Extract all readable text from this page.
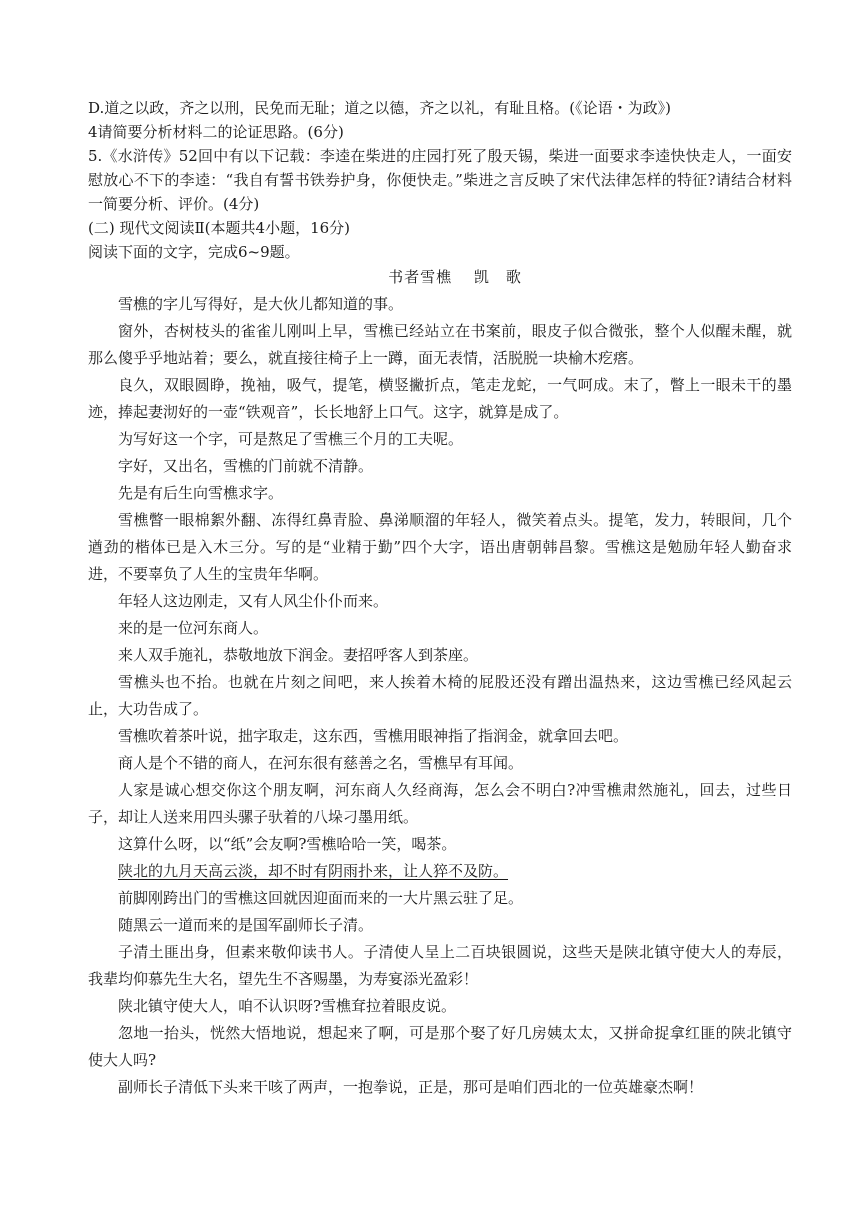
D.道之以政，齐之以刑，民免而无耻；道之以德，齐之以礼，有耻且格。(《论语・为政》)
4请简要分析材料二的论证思路。(6分)
5.《水浒传》52回中有以下记载：李逵在柴进的庄园打死了殷天锡，柴进一面要求李逵快快走人，一面安慰放心不下的李逵：“我自有誓书铁券护身，你便快走。”柴进之言反映了宋代法律怎样的特征?请结合材料一简要分析、评价。(4分)
(二) 现代文阅读Ⅱ(本题共4小题，16分)
阅读下面的文字，完成6~9题。
书者雪樵 凯　歌
雪樵的字儿写得好，是大伙儿都知道的事。
窗外，杏树枝头的雀雀儿刚叫上早，雪樵已经站立在书案前，眼皮子似合微张，整个人似醒未醒，就那么傻乎乎地站着；要么，就直接往椅子上一蹲，面无表情，活脱脱一块榆木疙瘩。
良久，双眼圆睁，挽袖，吸气，提笔，横竖撇折点，笔走龙蛇，一气呵成。末了，瞥上一眼未干的墨迹，捧起妻沏好的一壶“铁观音”，长长地舒上口气。这字，就算是成了。
为写好这一个字，可是熬足了雪樵三个月的工夫呢。
字好，又出名，雪樵的门前就不清静。
先是有后生向雪樵求字。
雪樵瞥一眼棉絮外翻、冻得红鼻青脸、鼻涕顺溜的年轻人，微笑着点头。提笔，发力，转眼间，几个遒劲的楷体已是入木三分。写的是“业精于勤”四个大字，语出唐朝韩昌黎。雪樵这是勉励年轻人勤奋求进，不要辜负了人生的宝贵年华啊。
年轻人这边刚走，又有人风尘仆仆而来。
来的是一位河东商人。
来人双手施礼，恭敬地放下润金。妻招呼客人到茶座。
雪樵头也不抬。也就在片刻之间吧，来人挨着木椅的屁股还没有蹭出温热来，这边雪樵已经风起云止，大功告成了。
雪樵吹着茶叶说，拙字取走，这东西，雪樵用眼神指了指润金，就拿回去吧。
商人是个不错的商人，在河东很有慈善之名，雪樵早有耳闻。
人家是诚心想交你这个朋友啊，河东商人久经商海，怎么会不明白?冲雪樵肃然施礼，回去，过些日子，却让人送来用四头骡子驮着的八垛刁墨用纸。
这算什么呀，以“纸”会友啊?雪樵哈哈一笑，喝茶。
陕北的九月天高云淡，却不时有阴雨扑来，让人猝不及防。
前脚刚跨出门的雪樵这回就因迎面而来的一大片黑云驻了足。
随黑云一道而来的是国军副师长子清。
子清土匪出身，但素来敬仰读书人。子清使人呈上二百块银圆说，这些天是陕北镇守使大人的寿辰，我辈均仰慕先生大名，望先生不吝赐墨，为寿宴添光盈彩！
陕北镇守使大人，咱不认识呀?雪樵耷拉着眼皮说。
忽地一抬头，恍然大悟地说，想起来了啊，可是那个娶了好几房姨太太，又拼命捉拿红匪的陕北镇守使大人吗?
副师长子清低下头来干咳了两声，一抱拳说，正是，那可是咱们西北的一位英雄豪杰啊！
